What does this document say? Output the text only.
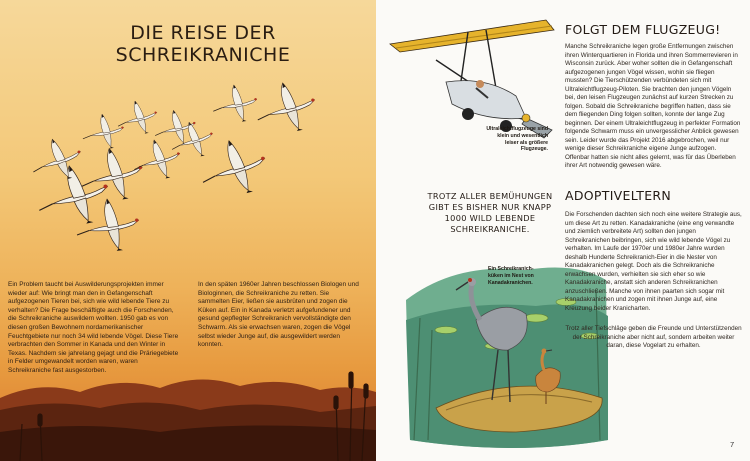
DIE REISE DER SCHREIKRANICHE
Ein Problem taucht bei Auswilderungsprojekten immer wieder auf: Wie bringt man den in Gefangenschaft aufgezogenen Tieren bei, sich wie wild lebende Tiere zu verhalten? Die Frage beschäftigte auch die Forschenden, die Schreikraniche auswildern wollten. 1950 gab es von diesen großen Bewohnern nordamerikanischer Feuchtgebiete nur noch 34 wild lebende Vögel. Diese Tiere verbrachten den Sommer in Kanada und den Winter in Texas. Nachdem sie jahrelang gejagt und die Präriegebiete in Felder umgewandelt worden waren, waren Schreikraniche fast ausgestorben.
In den späten 1960er Jahren beschlossen Biologen und Biologinnen, die Schreikraniche zu retten. Sie sammelten Eier, ließen sie ausbrüten und zogen die Küken auf. Ein in Kanada verletzt aufgefundener und gesund gepflegter Schreikranich vervollständigte den Schwarm. Als sie erwachsen waren, zogen die Vögel selbst wieder Junge auf, die ausgewildert werden konnten.
FOLGT DEM FLUGZEUG!
Manche Schreikraniche legen große Entfernungen zwischen ihren Winterquartieren in Florida und ihren Sommerrevieren in Wisconsin zurück. Aber woher sollten die in Gefangenschaft aufgezogenen jungen Vögel wissen, wohin sie fliegen mussten? Die Tierschützenden verbündeten sich mit Ultraleichtflugzeug-Piloten. Sie brachten den jungen Vögeln bei, den leisen Flugzeugen zunächst auf kurzen Strecken zu folgen. Sobald die Schreikraniche begriffen hatten, dass sie dem fliegenden Ding folgen sollten, konnte der lange Zug beginnen. Der einem Ultraleichtflugzeug in perfekter Formation folgende Schwarm muss ein unvergesslicher Anblick gewesen sein. Leider wurde das Projekt 2016 abgebrochen, weil nur wenige dieser Schreikraniche eigene Junge aufzogen. Offenbar hatten sie nicht alles gelernt, was für das Überleben ihrer Art notwendig gewesen wäre.
Ultraleichtflugzeuge sind klein und wesentlich leiser als größere Flugzeuge.
TROTZ ALLER BEMÜHUNGEN GIBT ES BISHER NUR KNAPP 1000 WILD LEBENDE SCHREIKRANICHE.
ADOPTIVELTERN
Die Forschenden dachten sich noch eine weitere Strategie aus, um diese Art zu retten. Kanadakraniche (eine eng verwandte und ziemlich verbreitete Art) sollten den jungen Schreikranichen beibringen, sich wie wild lebende Vögel zu verhalten. Im Laufe der 1970er und 1980er Jahre wurden deshalb Hunderte Schreikranich-Eier in die Nester von Kanadakranichen gelegt. Doch als die Schreikraniche erwachsen wurden, verhielten sie sich eher so wie Kanadakraniche, anstatt sich anderen Schreikranichen anzuschließen. Manche von ihnen paarten sich sogar mit Kanadakranichen und zogen mit ihnen Junge auf, eine Kreuzung beider Kranicharten.
Trotz aller Tiefschläge geben die Freunde und Unterstützenden der Schreikraniche aber nicht auf, sondern arbeiten weiter daran, diese Vogelart zu erhalten.
Ein Schreikranich-küken im Nest von Kanadakranichen.
7
